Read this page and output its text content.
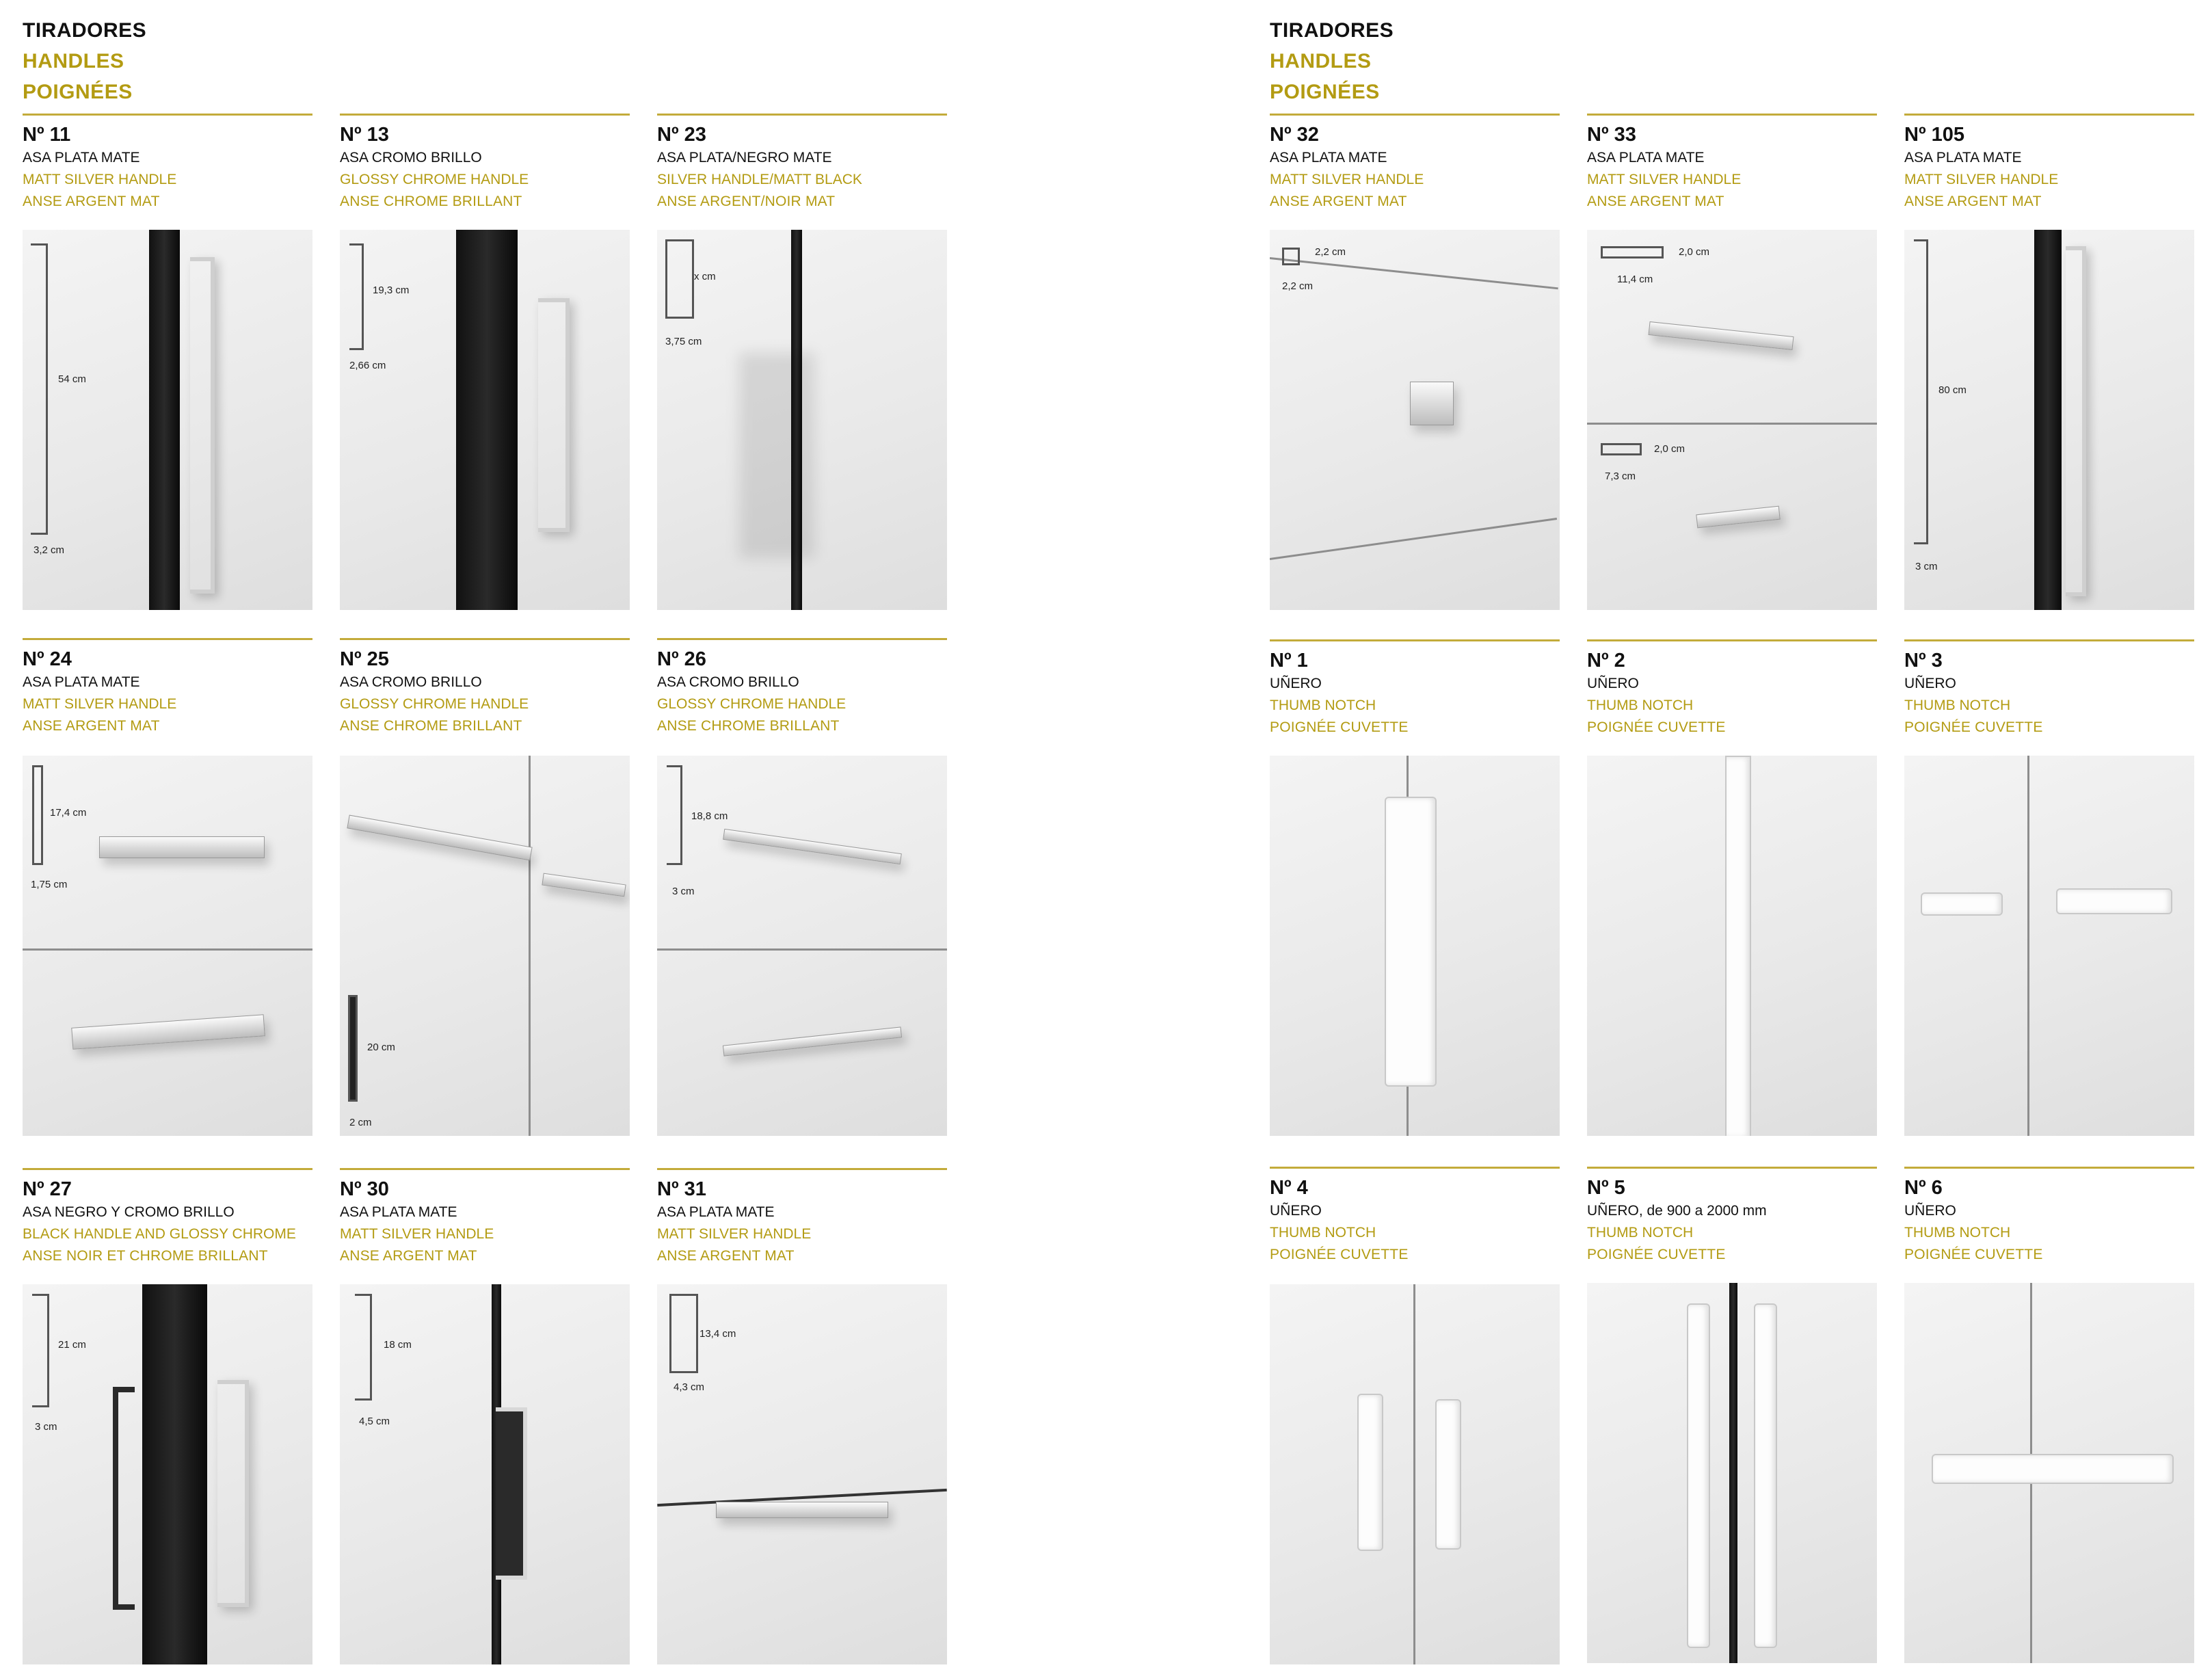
TIRADORES
HANDLES
POIGNÉES
Nº 11
ASA PLATA MATE
MATT SILVER HANDLE
ANSE ARGENT MAT
54 cm
3,2 cm
Nº 13
ASA CROMO BRILLO
GLOSSY CHROME HANDLE
ANSE CHROME BRILLANT
19,3 cm
2,66 cm
Nº 23
ASA PLATA/NEGRO MATE
SILVER HANDLE/MATT BLACK
ANSE ARGENT/NOIR MAT
x cm
3,75 cm
Nº 24
ASA PLATA MATE
MATT SILVER HANDLE
ANSE ARGENT MAT
17,4 cm
1,75 cm
Nº 25
ASA CROMO BRILLO
GLOSSY CHROME HANDLE
ANSE CHROME BRILLANT
20 cm
2 cm
Nº 26
ASA CROMO BRILLO
GLOSSY CHROME HANDLE
ANSE CHROME BRILLANT
18,8 cm
3 cm
Nº 27
ASA NEGRO Y CROMO BRILLO
BLACK HANDLE AND GLOSSY CHROME
ANSE NOIR ET CHROME BRILLANT
21 cm
3 cm
Nº 30
ASA PLATA MATE
MATT SILVER HANDLE
ANSE ARGENT MAT
18 cm
4,5 cm
Nº 31
ASA PLATA MATE
MATT SILVER HANDLE
ANSE ARGENT MAT
13,4 cm
4,3 cm
TIRADORES
HANDLES
POIGNÉES
Nº 32
ASA PLATA MATE
MATT SILVER HANDLE
ANSE ARGENT MAT
2,2 cm
2,2 cm
Nº 33
ASA PLATA MATE
MATT SILVER HANDLE
ANSE ARGENT MAT
2,0 cm
11,4 cm
2,0 cm
7,3 cm
Nº 105
ASA PLATA MATE
MATT SILVER HANDLE
ANSE ARGENT MAT
80 cm
3 cm
Nº 1
UÑERO
THUMB NOTCH
POIGNÉE CUVETTE
Nº 2
UÑERO
THUMB NOTCH
POIGNÉE CUVETTE
Nº 3
UÑERO
THUMB NOTCH
POIGNÉE CUVETTE
Nº 4
UÑERO
THUMB NOTCH
POIGNÉE CUVETTE
Nº 5
UÑERO, de 900 a 2000 mm
THUMB NOTCH
POIGNÉE CUVETTE
Nº 6
UÑERO
THUMB NOTCH
POIGNÉE CUVETTE
